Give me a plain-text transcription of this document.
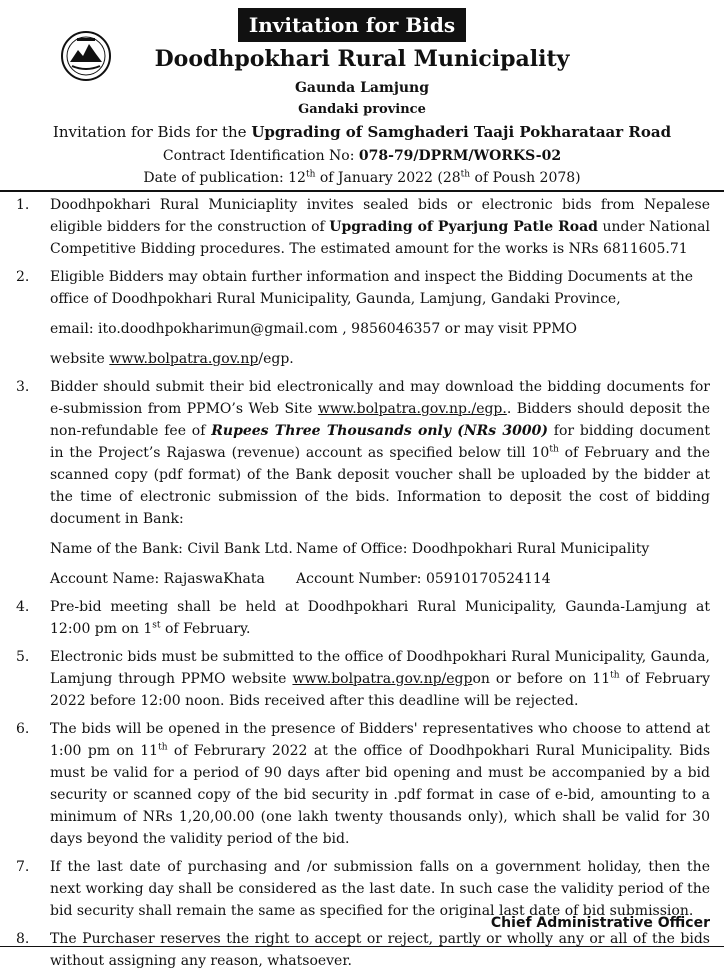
Invitation for Bids
Doodhpokhari Rural Municipality
Gaunda Lamjung
Gandaki province
Invitation for Bids for the Upgrading of Samghaderi Taaji Pokharataar Road
Contract Identification No: 078-79/DPRM/WORKS-02
Date of publication: 12th of January 2022 (28th of Poush 2078)
1. Doodhpokhari Rural Municiaplity invites sealed bids or electronic bids from Nepalese eligible bidders for the construction of Upgrading of Pyarjung Patle Road under National Competitive Bidding procedures. The estimated amount for the works is NRs 6811605.71
2. Eligible Bidders may obtain further information and inspect the Bidding Documents at the office of Doodhpokhari Rural Municipality, Gaunda, Lamjung, Gandaki Province,
email: ito.doodhpokharimun@gmail.com , 9856046357 or may visit PPMO
website www.bolpatra.gov.np/egp.
3. Bidder should submit their bid electronically and may download the bidding documents for e-submission from PPMO’s Web Site www.bolpatra.gov.np./egp.. Bidders should deposit the non-refundable fee of Rupees Three Thousands only (NRs 3000) for bidding document in the Project’s Rajaswa (revenue) account as specified below till 10th of February and the scanned copy (pdf format) of the Bank deposit voucher shall be uploaded by the bidder at the time of electronic submission of the bids. Information to deposit the cost of bidding document in Bank:
Name of the Bank: Civil Bank Ltd. Name of Office: Doodhpokhari Rural Municipality
Account Name: RajaswaKhata	Account Number: 05910170524114
4. Pre-bid meeting shall be held at Doodhpokhari Rural Municipality, Gaunda-Lamjung at 12:00 pm on 1st of February.
5. Electronic bids must be submitted to the office of Doodhpokhari Rural Municipality, Gaunda, Lamjung through PPMO website www.bolpatra.gov.np/egpon or before on 11th of February 2022 before 12:00 noon. Bids received after this deadline will be rejected.
6. The bids will be opened in the presence of Bidders' representatives who choose to attend at 1:00 pm on 11th of Februrary 2022 at the office of Doodhpokhari Rural Municipality. Bids must be valid for a period of 90 days after bid opening and must be accompanied by a bid security or scanned copy of the bid security in .pdf format in case of e-bid, amounting to a minimum of NRs 1,20,00.00 (one lakh twenty thousands only), which shall be valid for 30 days beyond the validity period of the bid.
7. If the last date of purchasing and /or submission falls on a government holiday, then the next working day shall be considered as the last date. In such case the validity period of the bid security shall remain the same as specified for the original last date of bid submission.
8. The Purchaser reserves the right to accept or reject, partly or wholly any or all of the bids without assigning any reason, whatsoever.
Chief Administrative Officer
